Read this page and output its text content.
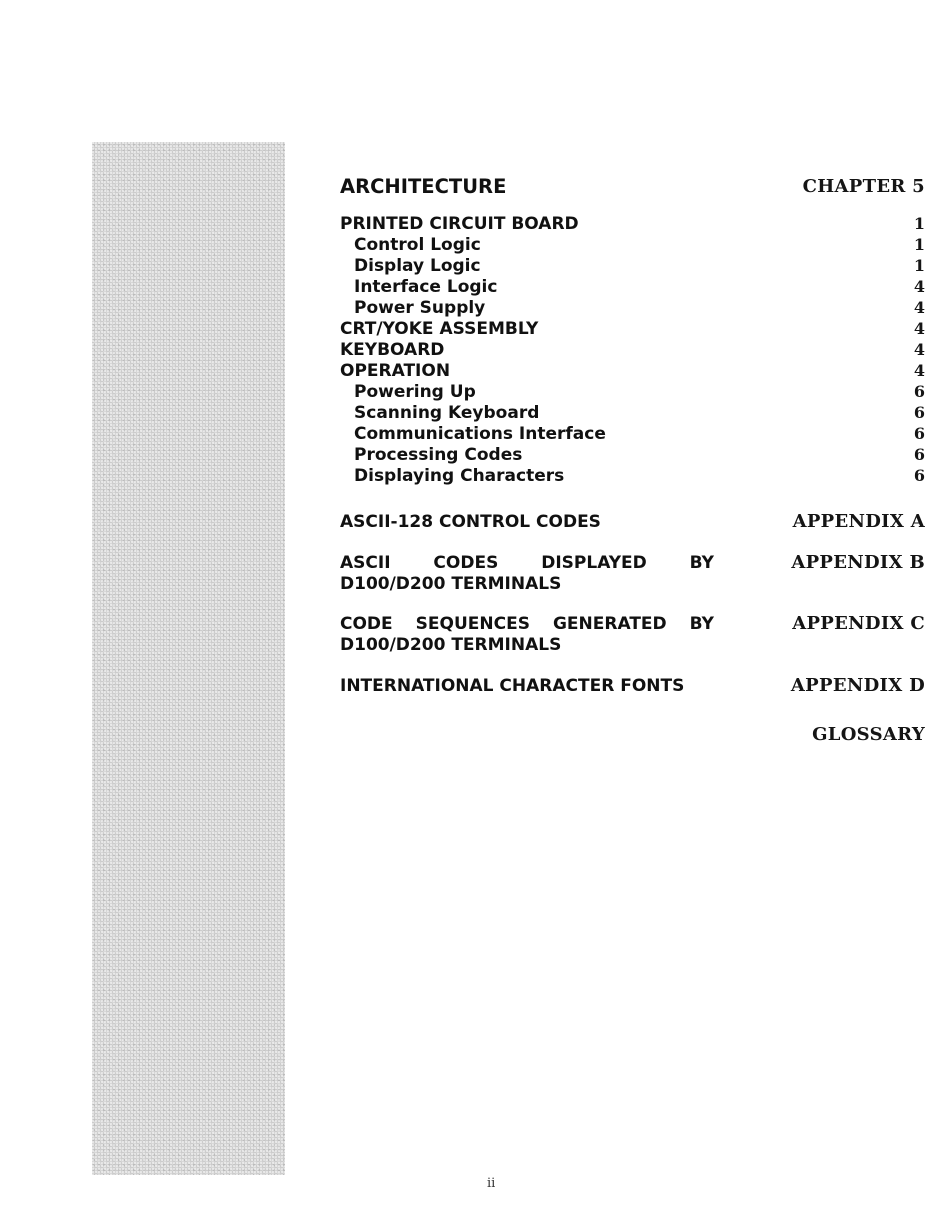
CHAPTER 5
1
1
1
4
4
4
4
4
6
6
6
6
6
APPENDIX A
APPENDIX B
APPENDIX C
APPENDIX D
GLOSSARY
ARCHITECTURE
PRINTED CIRCUIT BOARD
Control Logic
Display Logic
Interface Logic
Power Supply
CRT/YOKE ASSEMBLY
KEYBOARD
OPERATION
Powering Up
Scanning Keyboard
Communications Interface
Processing Codes
Displaying Characters
ASCII-128 CONTROL CODES
ASCII CODES DISPLAYED BY D100/D200 TERMINALS
CODE SEQUENCES GENERATED BY D100/D200 TERMINALS
INTERNATIONAL CHARACTER FONTS
ii
